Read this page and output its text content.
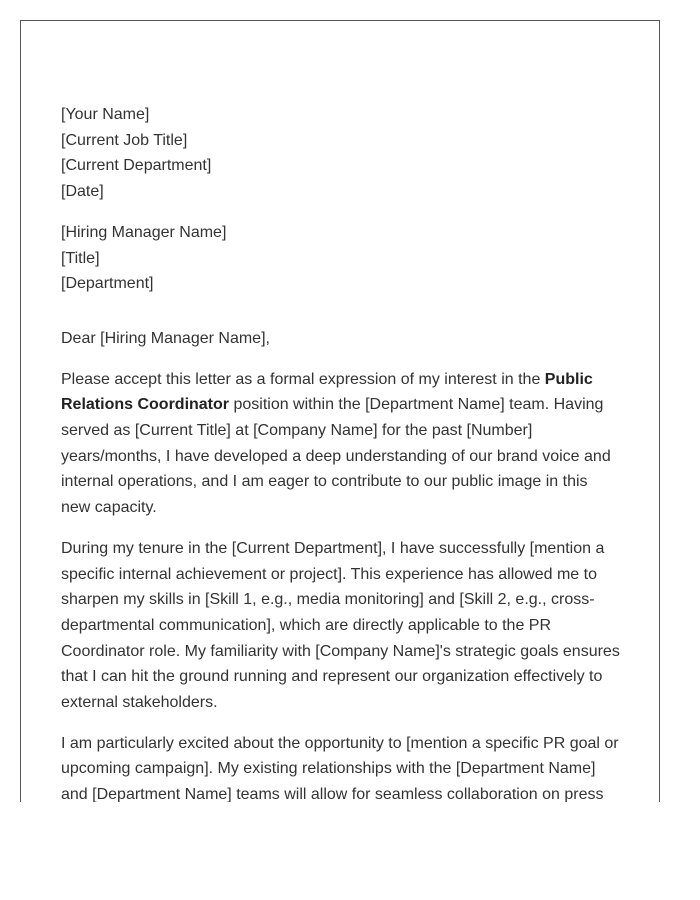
[Your Name]
[Current Job Title]
[Current Department]
[Date]
[Hiring Manager Name]
[Title]
[Department]
Dear [Hiring Manager Name],

Please accept this letter as a formal expression of my interest in the Public
Relations Coordinator position within the [Department Name] team. Having
served as [Current Title] at [Company Name] for the past [Number]
years/months, I have developed a deep understanding of our brand voice and
internal operations, and I am eager to contribute to our public image in this
new capacity.

During my tenure in the [Current Department], I have successfully [mention a
specific internal achievement or project]. This experience has allowed me to
sharpen my skills in [Skill 1, e.g., media monitoring] and [Skill 2, e.g., cross-
departmental communication], which are directly applicable to the PR
Coordinator role. My familiarity with [Company Name]'s strategic goals ensures
that I can hit the ground running and represent our organization effectively to
external stakeholders.

I am particularly excited about the opportunity to [mention a specific PR goal or
upcoming campaign]. My existing relationships with the [Department Name]
and [Department Name] teams will allow for seamless collaboration on press
